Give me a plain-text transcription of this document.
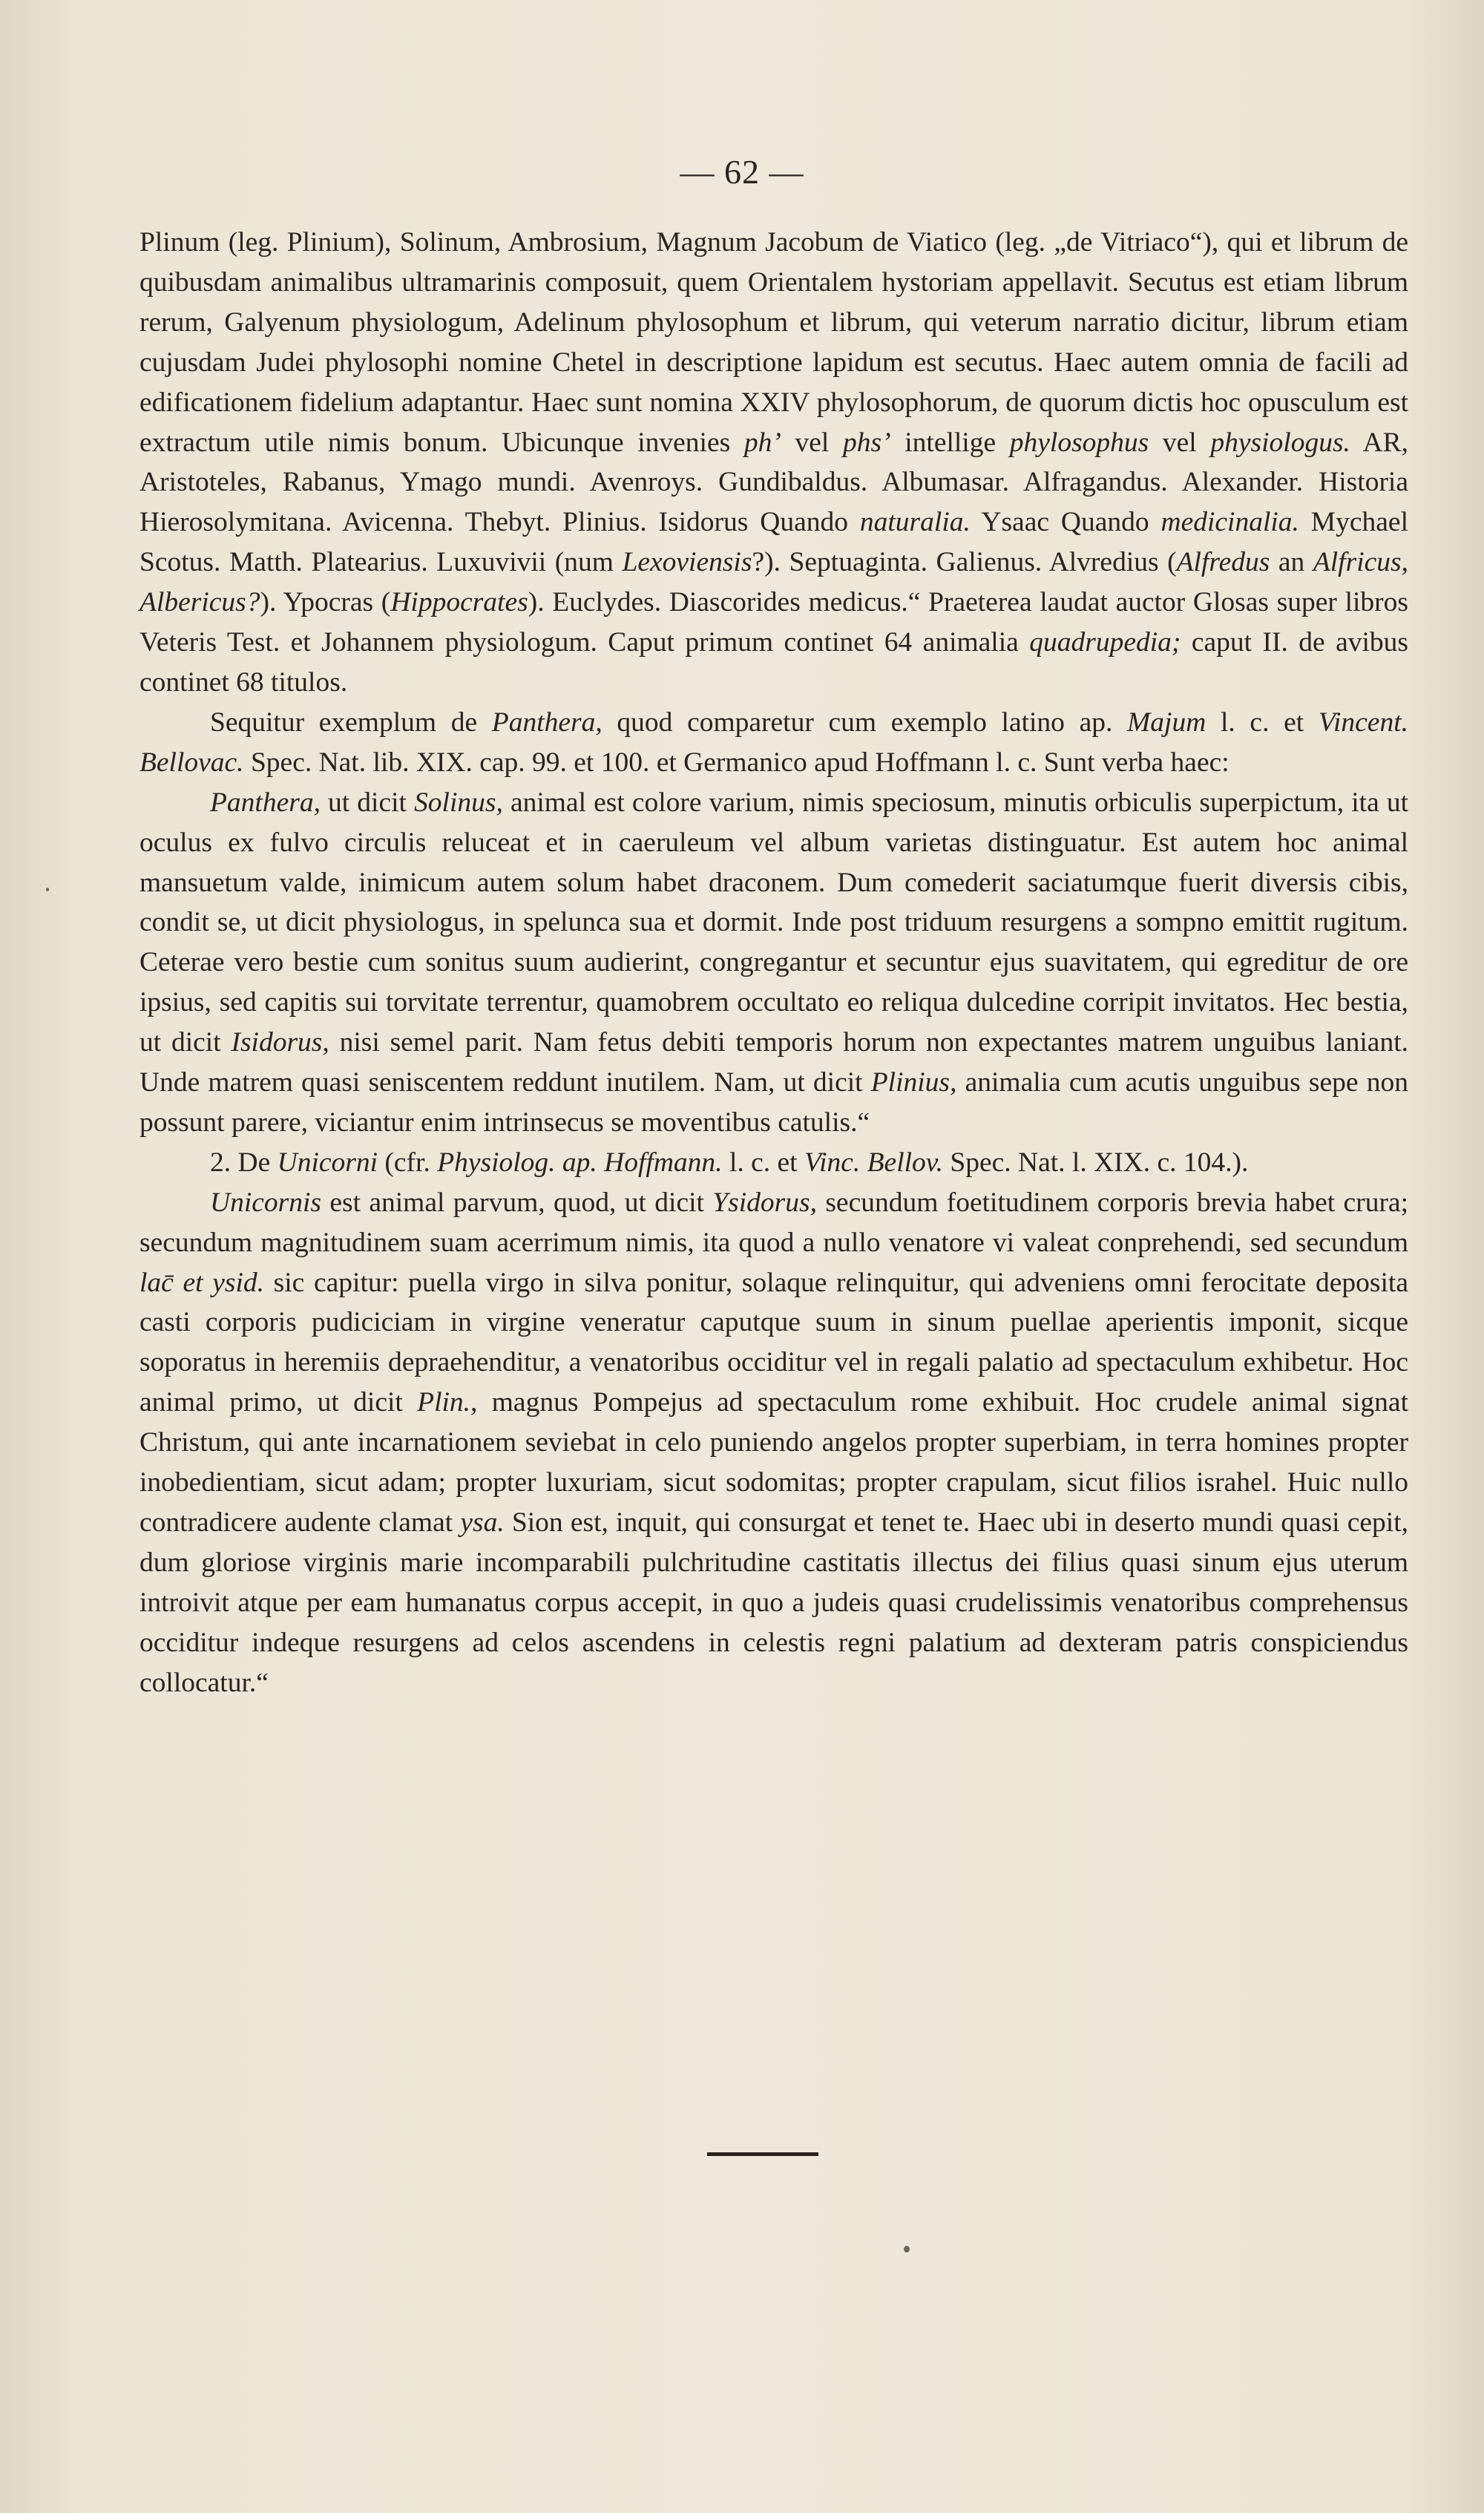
— 62 —

Plinum (leg. Plinium), Solinum, Ambrosium, Magnum Jacobum de Viatico (leg. „de Vitriaco“), qui et librum de quibusdam animalibus ultramarinis composuit, quem Orientalem hystoriam appellavit. Secutus est etiam librum rerum, Galyenum physiologum, Adelinum phylosophum et librum, qui veterum narratio dicitur, librum etiam cujusdam Judei phylosophi nomine Chetel in descriptione lapidum est secutus. Haec autem omnia de facili ad edificationem fidelium adaptantur. Haec sunt nomina XXIV phylosophorum, de quorum dictis hoc opusculum est extractum utile nimis bonum. Ubicunque invenies ph’ vel phs’ intellige phylosophus vel physiologus. AR, Aristoteles, Rabanus, Ymago mundi. Avenroys. Gundibaldus. Albumasar. Alfragandus. Alexander. Historia Hierosolymitana. Avicenna. Thebyt. Plinius. Isidorus Quando naturalia. Ysaac Quando medicinalia. Mychael Scotus. Matth. Platearius. Luxuvivii (num Lexoviensis?). Septuaginta. Galienus. Alvredius (Alfredus an Alfricus, Albericus?). Ypocras (Hippocrates). Euclydes. Diascorides medicus.“ Praeterea laudat auctor Glosas super libros Veteris Test. et Johannem physiologum. Caput primum continet 64 animalia quadrupedia; caput II. de avibus continet 68 titulos.

Sequitur exemplum de Panthera, quod comparetur cum exemplo latino ap. Majum l. c. et Vincent. Bellovac. Spec. Nat. lib. XIX. cap. 99. et 100. et Germanico apud Hoffmann l. c. Sunt verba haec:

Panthera, ut dicit Solinus, animal est colore varium, nimis speciosum, minutis orbiculis superpictum, ita ut oculus ex fulvo circulis reluceat et in caeruleum vel album varietas distinguatur. Est autem hoc animal mansuetum valde, inimicum autem solum habet draconem. Dum comederit saciatumque fuerit diversis cibis, condit se, ut dicit physiologus, in spelunca sua et dormit. Inde post triduum resurgens a sompno emittit rugitum. Ceterae vero bestie cum sonitus suum audierint, congregantur et secuntur ejus suavitatem, qui egreditur de ore ipsius, sed capitis sui torvitate terrentur, quamobrem occultato eo reliqua dulcedine corripit invitatos. Hec bestia, ut dicit Isidorus, nisi semel parit. Nam fetus debiti temporis horum non expectantes matrem unguibus laniant. Unde matrem quasi seniscentem reddunt inutilem. Nam, ut dicit Plinius, animalia cum acutis unguibus sepe non possunt parere, viciantur enim intrinsecus se moventibus catulis.“

2. De Unicorni (cfr. Physiolog. ap. Hoffmann. l. c. et Vinc. Bellov. Spec. Nat. l. XIX. c. 104.).

Unicornis est animal parvum, quod, ut dicit Ysidorus, secundum foetitudinem corporis brevia habet crura; secundum magnitudinem suam acerrimum nimis, ita quod a nullo venatore vi valeat conprehendi, sed secundum lac̄ et ysid. sic capitur: puella virgo in silva ponitur, solaque relinquitur, qui adveniens omni ferocitate deposita casti corporis pudiciciam in virgine veneratur caputque suum in sinum puellae aperientis imponit, sicque soporatus in heremiis depraehenditur, a venatoribus occiditur vel in regali palatio ad spectaculum exhibetur. Hoc animal primo, ut dicit Plin., magnus Pompejus ad spectaculum rome exhibuit. Hoc crudele animal signat Christum, qui ante incarnationem seviebat in celo puniendo angelos propter superbiam, in terra homines propter inobedientiam, sicut adam; propter luxuriam, sicut sodomitas; propter crapulam, sicut filios israhel. Huic nullo contradicere audente clamat ysa. Sion est, inquit, qui consurgat et tenet te. Haec ubi in deserto mundi quasi cepit, dum gloriose virginis marie incomparabili pulchritudine castitatis illectus dei filius quasi sinum ejus uterum introivit atque per eam humanatus corpus accepit, in quo a judeis quasi crudelissimis venatoribus comprehensus occiditur indeque resurgens ad celos ascendens in celestis regni palatium ad dexteram patris conspiciendus collocatur.“
